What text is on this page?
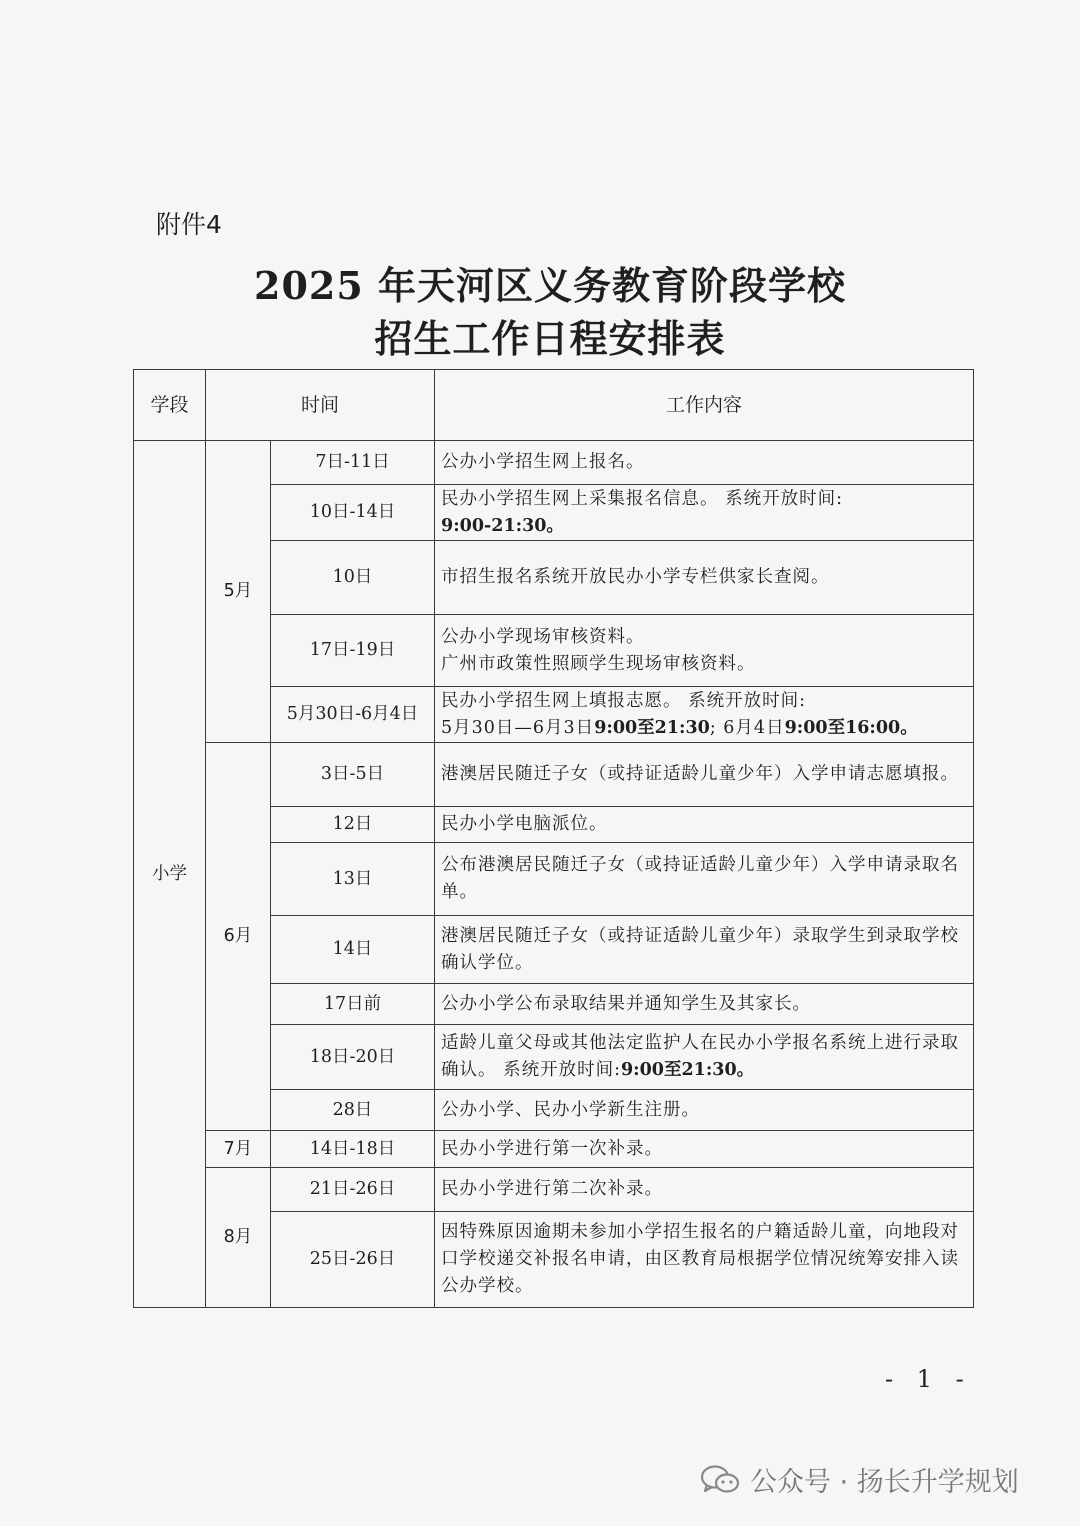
附件4
2025 年天河区义务教育阶段学校
招生工作日程安排表
学段	时间		工作内容
小学	5月	7日-11日	公办小学招生网上报名。
		10日-14日	民办小学招生网上采集报名信息。 系统开放时间:
9:00-21:30。
		10日	市招生报名系统开放民办小学专栏供家长查阅。
		17日-19日	公办小学现场审核资料。
广州市政策性照顾学生现场审核资料。
		5月30日-6月4日	民办小学招生网上填报志愿。 系统开放时间:
5月30日—6月3日9:00至21:30; 6月4日9:00至16:00。
	6月	3日-5日	港澳居民随迁子女（或持证适龄儿童少年）入学申请志愿填报。
		12日	民办小学电脑派位。
		13日	公布港澳居民随迁子女（或持证适龄儿童少年）入学申请录取名单。
		14日	港澳居民随迁子女（或持证适龄儿童少年）录取学生到录取学校确认学位。
		17日前	公办小学公布录取结果并通知学生及其家长。
		18日-20日	适龄儿童父母或其他法定监护人在民办小学报名系统上进行录取确认。 系统开放时间:9:00至21:30。
		28日	公办小学、民办小学新生注册。
	7月	14日-18日	民办小学进行第一次补录。
	8月	21日-26日	民办小学进行第二次补录。
		25日-26日	因特殊原因逾期未参加小学招生报名的户籍适龄儿童，向地段对口学校递交补报名申请，由区教育局根据学位情况统筹安排入读公办学校。
- 1 -
公众号 · 扬长升学规划
